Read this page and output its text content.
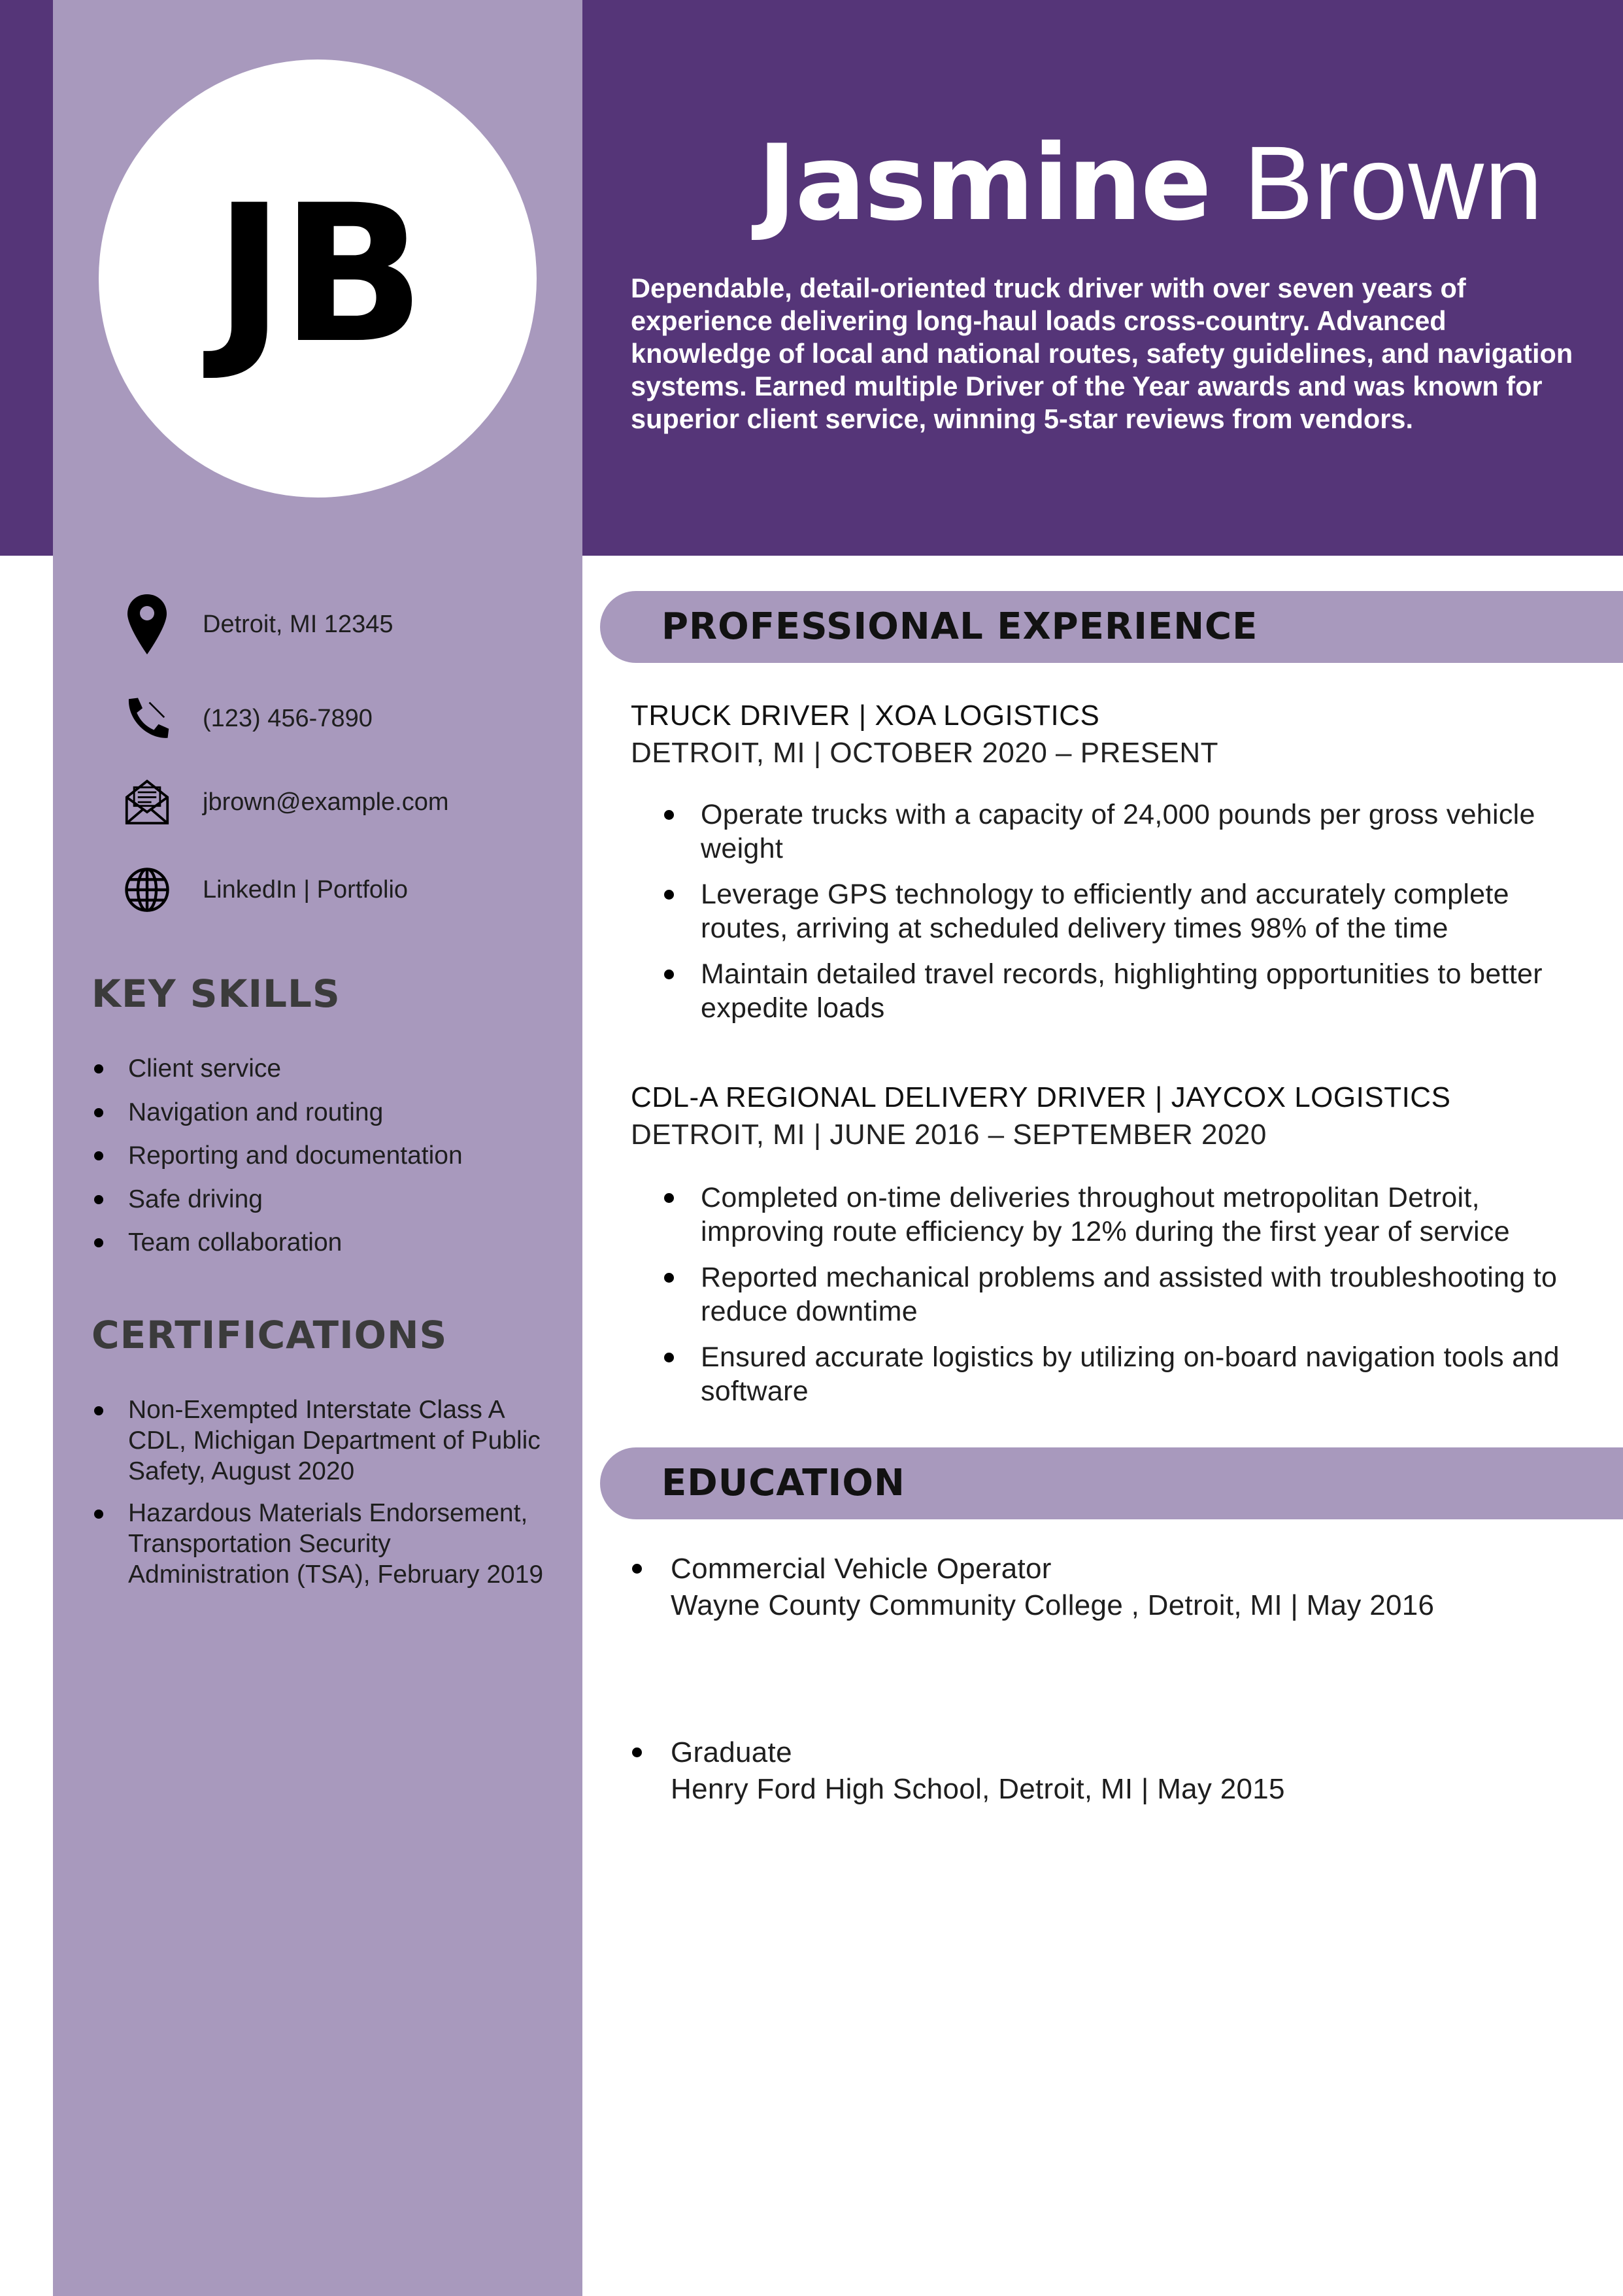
JB	Jasmine Brown
Dependable, detail-oriented truck driver with over seven years of experience delivering long-haul loads cross-country. Advanced knowledge of local and national routes, safety guidelines, and navigation systems. Earned multiple Driver of the Year awards and was known for superior client service, winning 5-star reviews from vendors.
Detroit, MI 12345
(123) 456-7890
jbrown@example.com
LinkedIn | Portfolio
KEY SKILLS
Client service
Navigation and routing
Reporting and documentation
Safe driving
Team collaboration
CERTIFICATIONS
Non-Exempted Interstate Class A CDL, Michigan Department of Public Safety, August 2020
Hazardous Materials Endorsement, Transportation Security Administration (TSA), February 2019
PROFESSIONAL EXPERIENCE
TRUCK DRIVER | XOA LOGISTICS
DETROIT, MI | OCTOBER 2020 – PRESENT
Operate trucks with a capacity of 24,000 pounds per gross vehicle weight
Leverage GPS technology to efficiently and accurately complete routes, arriving at scheduled delivery times 98% of the time
Maintain detailed travel records, highlighting opportunities to better expedite loads
CDL-A REGIONAL DELIVERY DRIVER | JAYCOX LOGISTICS
DETROIT, MI | JUNE 2016 – SEPTEMBER 2020
Completed on-time deliveries throughout metropolitan Detroit, improving route efficiency by 12% during the first year of service
Reported mechanical problems and assisted with troubleshooting to reduce downtime
Ensured accurate logistics by utilizing on-board navigation tools and software
EDUCATION
Commercial Vehicle Operator
Wayne County Community College , Detroit, MI | May 2016
Graduate
Henry Ford High School, Detroit, MI | May 2015
